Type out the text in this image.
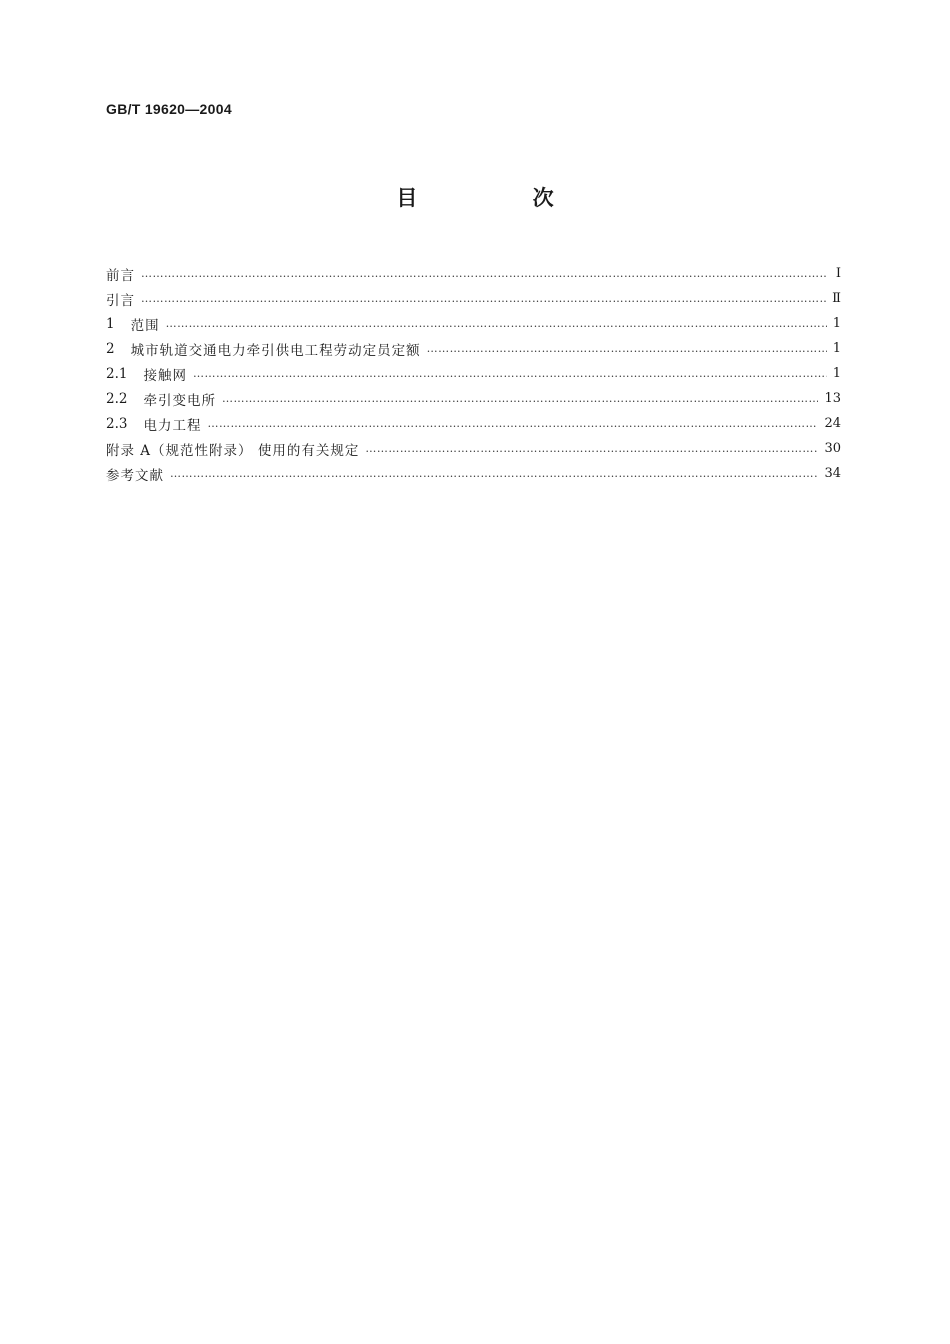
GB/T 19620—2004
目 次
前言 ……………………………………………………………………………………………………………………………………………………………………………………………………………………………………………………	Ⅰ
引言 ……………………………………………………………………………………………………………………………………………………………………………………………………………………………………………………	Ⅱ
1 范围 ……………………………………………………………………………………………………………………………………………………………………………………………………………………………………………………	1
2 城市轨道交通电力牵引供电工程劳动定员定额 ……………………………………………………………………………………………………………………………………………………………………………………………………………………………………………………	1
2.1 接触网 ……………………………………………………………………………………………………………………………………………………………………………………………………………………………………………………	1
2.2 牵引变电所 ……………………………………………………………………………………………………………………………………………………………………………………………………………………………………………………	13
2.3 电力工程 ……………………………………………………………………………………………………………………………………………………………………………………………………………………………………………………	24
附录 A（规范性附录） 使用的有关规定 ……………………………………………………………………………………………………………………………………………………………………………………………………………………………………………………	30
参考文献 ……………………………………………………………………………………………………………………………………………………………………………………………………………………………………………………	34
